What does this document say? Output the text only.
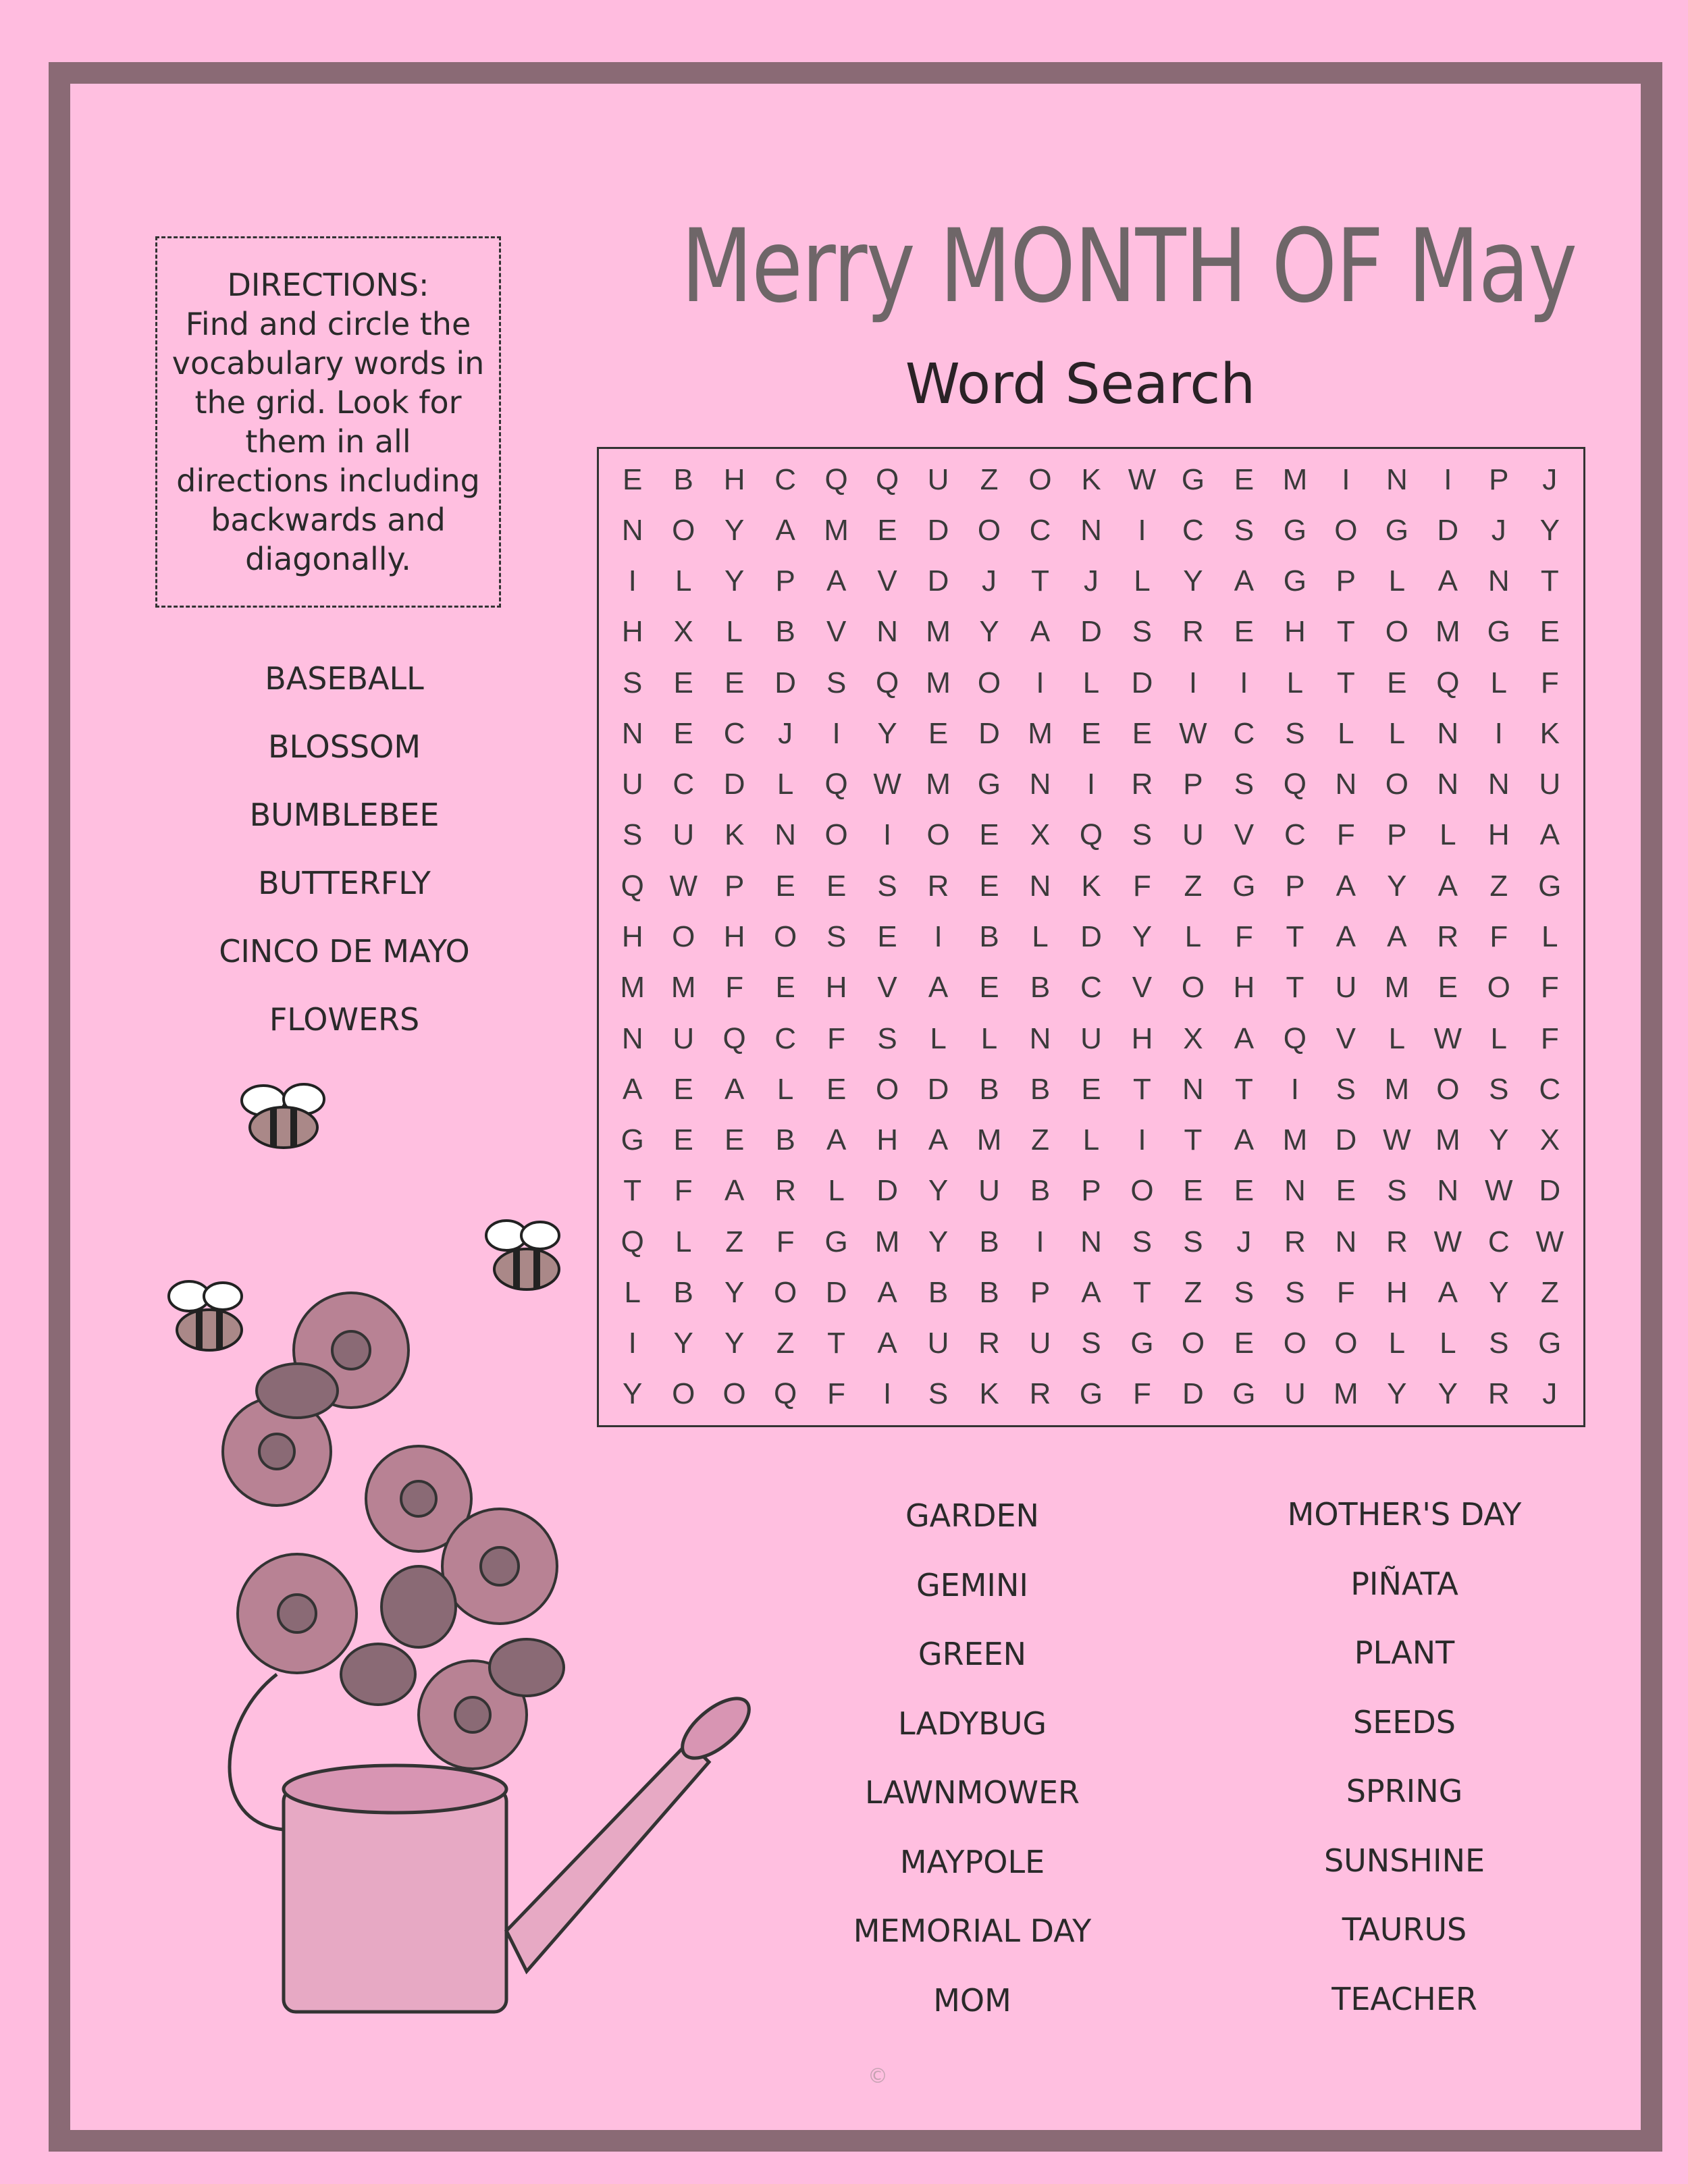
DIRECTIONS:
Find and circle the vocabulary words in the grid. Look for them in all directions including backwards and diagonally.
Merry MONTH OF May
Word Search
E	B	H C Q Q U	Z	O K W G E M	I	N	I	P	J
N O Y	A M E	D O C N	I	C	S G O G D	J	Y
I	L	Y	P	A	V	D	J	T	J	L	Y	A G P	L	A	N	T
H	X	L	B	V	N M Y	A	D	S	R	E	H	T	O M G E
S	E	E	D	S Q M O	I	L	D	I	I	L	T	E Q	L	F
N	E	C	J	I	Y	E	D M E	E W C	S	L	L	N	I	K
U C D	L	Q W M G N	I	R	P	S Q N O N N U
S	U	K	N O	I	O E	X Q S	U	V	C	F	P	L	H	A
Q W P	E	E	S	R	E	N	K	F	Z	G P	A	Y	A	Z	G
H O H O S	E	I	B	L	D	Y	L	F	T	A	A	R	F	L
M M F	E	H	V	A	E	B	C	V O H	T	U M E O	F
N U Q C	F	S	L	L	N U H	X	A Q V	L W L	F
A	E	A	L	E O D	B	B	E	T	N	T	I	S M O S	C
G E	E	B	A	H	A M Z	L	I	T	A M D W M Y	X
T	F	A	R	L	D	Y	U	B	P O E	E	N	E	S	N W D
Q	L	Z	F	G M Y	B	I	N	S	S	J	R N R W C W
L	B	Y O D	A	B	B	P	A	T	Z	S	S	F	H	A	Y	Z
I	Y	Y	Z	T	A	U R U	S G O E O O	L	L	S G
Y O O Q	F	I	S	K	R G	F	D G U M Y	Y	R	J
BASEBALL
BLOSSOM
BUMBLEBEE
BUTTERFLY
CINCO DE MAYO
FLOWERS
GARDEN
GEMINI
GREEN
LADYBUG
LAWNMOWER
MAYPOLE
MEMORIAL DAY
MOM
MOTHER'S DAY
PIÑATA
PLANT
SEEDS
SPRING
SUNSHINE
TAURUS
TEACHER
©
